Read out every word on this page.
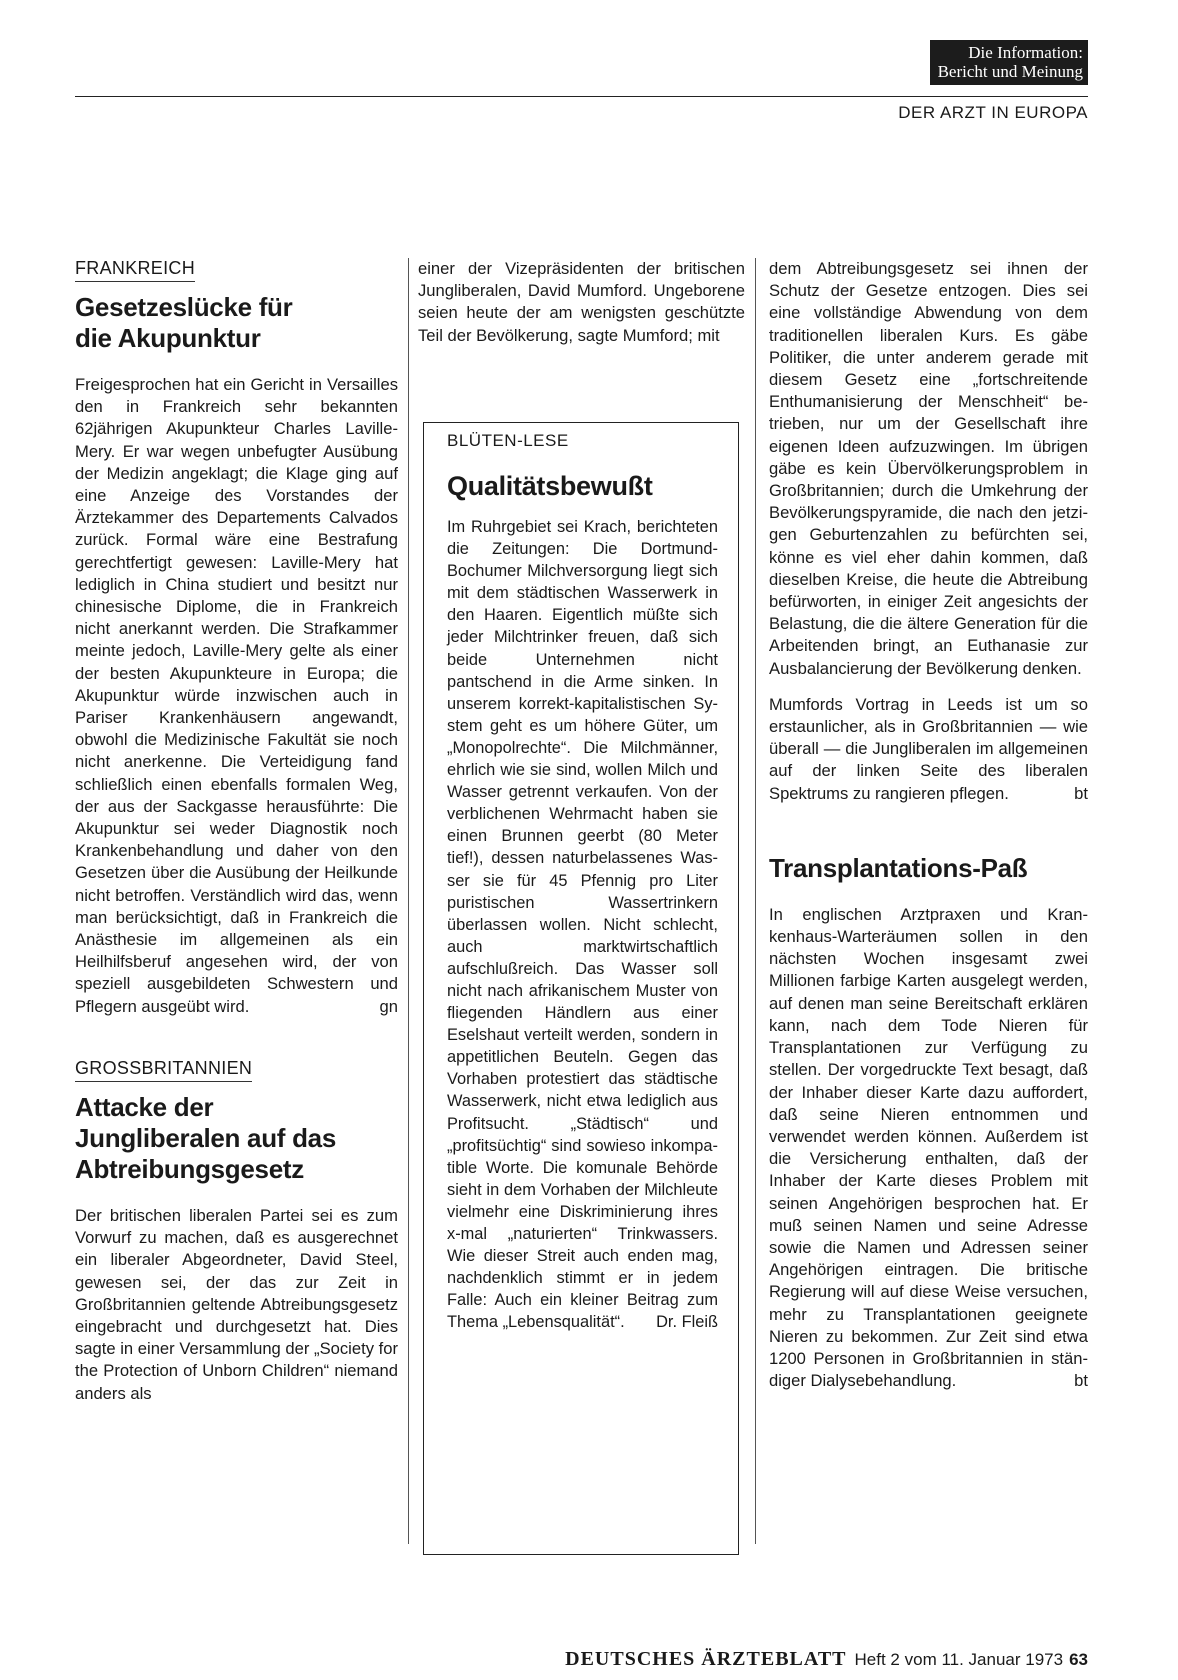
Die Information:
Bericht und Meinung
DER ARZT IN EUROPA
FRANKREICH
Gesetzeslücke für
die Akupunktur

Freigesprochen hat ein Gericht in Versailles den in Frankreich sehr bekannten 62jährigen Akupunkteur Charles Laville-Mery. Er war wegen unbefugter Ausübung der Medizin angeklagt; die Klage ging auf eine Anzeige des Vorstandes der Ärztekammer des Departements Calvados zurück. Formal wäre eine Bestrafung gerechtfertigt gewesen: Laville-Mery hat lediglich in China studiert und besitzt nur chinesische Diplome, die in Frankreich nicht anerkannt werden. Die Strafkammer meinte jedoch, Laville-Mery gelte als einer der besten Akupunkteure in Europa; die Akupunktur würde inzwischen auch in Pariser Krankenhäusern angewandt, obwohl die Medizinische Fakultät sie noch nicht anerkenne. Die Verteidigung fand schließlich einen ebenfalls formalen Weg, der aus der Sackgasse herausführte: Die Akupunktur sei weder Diagnostik noch Krankenbehandlung und daher von den Gesetzen über die Ausübung der Heilkunde nicht betroffen. Verständlich wird das, wenn man berücksichtigt, daß in Frankreich die Anästhesie im allgemeinen als ein Heilhilfsberuf angesehen wird, der von speziell ausgebildeten Schwestern und Pflegern ausgeübt wird.	gn

GROSSBRITANNIEN
Attacke der
Jungliberalen auf das
Abtreibungsgesetz

Der britischen liberalen Partei sei es zum Vorwurf zu machen, daß es ausgerechnet ein liberaler Abgeordneter, David Steel, gewesen sei, der das zur Zeit in Großbritannien geltende Abtreibungsgesetz eingebracht und durchgesetzt hat. Dies sagte in einer Versammlung der „Society for the Protection of Unborn Children“ niemand anders als

einer der Vizepräsidenten der britischen Jungliberalen, David Mumford. Ungeborene seien heute der am wenigsten geschützte Teil der Bevölkerung, sagte Mumford; mit

BLÜTEN-LESE
Qualitätsbewußt

Im Ruhrgebiet sei Krach, berichteten die Zeitungen: Die Dortmund-Bochumer Milchversorgung liegt sich mit dem städtischen Wasserwerk in den Haaren. Eigentlich müßte sich jeder Milchtrinker freuen, daß sich beide Unternehmen nicht pantschend in die Arme sinken. In unserem korrekt-kapitalistischen System geht es um höhere Güter, um „Monopolrechte“. Die Milchmänner, ehrlich wie sie sind, wollen Milch und Wasser getrennt verkaufen. Von der verblichenen Wehrmacht haben sie einen Brunnen geerbt (80 Meter tief!), dessen naturbelassenes Wasser sie für 45 Pfennig pro Liter puristischen Wassertrinkern überlassen wollen. Nicht schlecht, auch marktwirtschaftlich aufschlußreich. Das Wasser soll nicht nach afrikanischem Muster von fliegenden Händlern aus einer Eselshaut verteilt werden, sondern in appetitlichen Beuteln. Gegen das Vorhaben protestiert das städtische Wasserwerk, nicht etwa lediglich aus Profitsucht. „Städtisch“ und „profitsüchtig“ sind sowieso inkompatible Worte. Die komunale Behörde sieht in dem Vorhaben der Milchleute vielmehr eine Diskriminierung ihres x-mal „naturierten“ Trinkwassers. Wie dieser Streit auch enden mag, nachdenklich stimmt er in jedem Falle: Auch ein kleiner Beitrag zum Thema „Lebensqualität“. Dr. Fleiß

dem Abtreibungsgesetz sei ihnen der Schutz der Gesetze entzogen. Dies sei eine vollständige Abwendung von dem traditionellen liberalen Kurs. Es gäbe Politiker, die unter anderem gerade mit diesem Gesetz eine „fortschreitende Enthumanisierung der Menschheit“ betrieben, nur um der Gesellschaft ihre eigenen Ideen aufzuzwingen. Im übrigen gäbe es kein Übervölkerungsproblem in Großbritannien; durch die Umkehrung der Bevölkerungspyramide, die nach den jetzigen Geburtenzahlen zu befürchten sei, könne es viel eher dahin kommen, daß dieselben Kreise, die heute die Abtreibung befürworten, in einiger Zeit angesichts der Belastung, die die ältere Generation für die Arbeitenden bringt, an Euthanasie zur Ausbalancierung der Bevölkerung denken.

Mumfords Vortrag in Leeds ist um so erstaunlicher, als in Großbritannien — wie überall — die Jungliberalen im allgemeinen auf der linken Seite des liberalen Spektrums zu rangieren pflegen.	bt

Transplantations-Paß

In englischen Arztpraxen und Krankenhaus-Warteräumen sollen in den nächsten Wochen insgesamt zwei Millionen farbige Karten ausgelegt werden, auf denen man seine Bereitschaft erklären kann, nach dem Tode Nieren für Transplantationen zur Verfügung zu stellen. Der vorgedruckte Text besagt, daß der Inhaber dieser Karte dazu auffordert, daß seine Nieren entnommen und verwendet werden können. Außerdem ist die Versicherung enthalten, daß der Inhaber der Karte dieses Problem mit seinen Angehörigen besprochen hat. Er muß seinen Namen und seine Adresse sowie die Namen und Adressen seiner Angehörigen eintragen. Die britische Regierung will auf diese Weise versuchen, mehr zu Transplantationen geeignete Nieren zu bekommen. Zur Zeit sind etwa 1200 Personen in Großbritannien in ständiger Dialysebehandlung.	bt

DEUTSCHES ÄRZTEBLATT Heft 2 vom 11. Januar 1973 63
